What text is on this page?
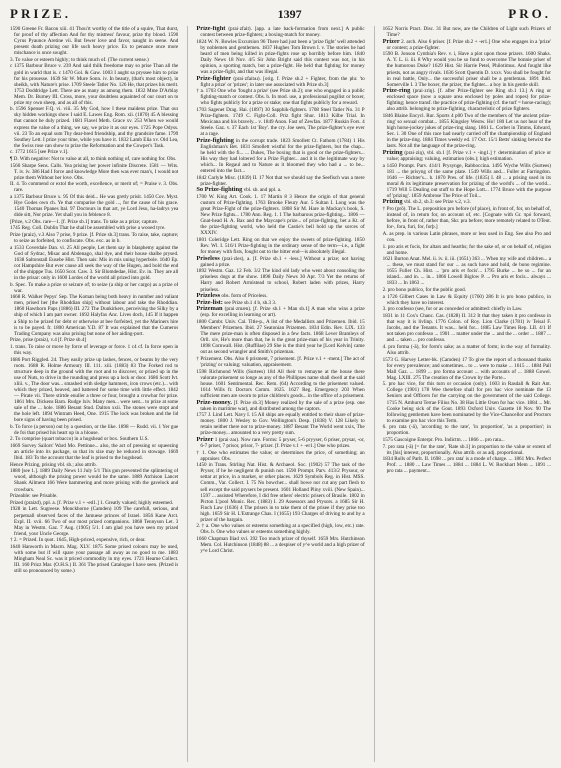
PRIZE.	1397	PRO.

1590 Greene Fr. Bacon xiii. 41 Thou'rt worthy of the title of a squire, That durst, for proof of thy affection And for thy mistress' favour, prize thy blood. 1590 Cyrus Pyaunce Aretine vii. But fewer love and favor, naught in seene. And present doath prizing our life such heavy price. Ex to penance once more mischance is once sought.

3. To value or esteem highly; to think much of. (The current sense.)

c 1375 Barbour Bruce v. 239 And said thilk freedome may so prise Than all the gold in warld that is. c 1470 Gol. & Gaw. 1003 I aught sa pryssee him to prize for his prouesse. 1639 Sir W. Mure Sonn. iv. In beauty, (that's most object), in sheikh, with Nature's prise. 1709 Steele Tatler No. 126 He, that prizes his merit. 1753 Doddridge Lett. There are as many as among them. 1832 Mme D'Arblay Mem. Dr. Burney III. Cross, more, your doubtless aquainted of our court on to prize my own sheep, and as all of this.

b. 1596 Spenser F.Q. vi. viii. 35 My God, how I these maidens prize. That our sky hidden workings show I said E. Lawes Eng. Rom. xii. (1870) 45 A blessing that cannot be duly prized. 1681 Flavel Meth. Grace xv. 253 When we would express the value of a thing, we say, we prize it as our eyes. 1725 Pope Odyss. vii. 23 To an equal sum Thy dear-bred friendship, and thy grandsire fame. 1799 Southey Lett. I prize your time, while you have it. 1832 Lamb Elia xv. Old Lea, the Swiss rose can show to prize the Reformation and the Cowper's Task.

c. 1772 1615 [see Prize v.1].

¶ D. With negative: Not to value at all, to think nothing of, care nothing for. Obs.

1560 Sharpe Sens. Calls. Yea prising her power infinite Discrete. 1581 — Wits. T. iv. iv. 386 Had I force and knowledge More then was ever man's, I would not prize them Without her love. Obs.

II. 4. To commend or extol the worth, excellence, or merit of; = Praise v. 3. Obs. rare.

a 1375 Barbour Bruce x. 95 Of this deid... He was gretly prisit. 1450 Cov. Myst. Hye Godes own ch. Ye that comparise the gold ..., for the cause of his grace. 1540 Thomas Ppanes Ital. 97 Doctours in that art, ye Lord Jesu, ha-ladrys yea dide sitt, Nor prize. Yet shall you in feblence 8.

[Prize, v.2 Obs. rare—1. [f. Prize sb.1] trans. To take as a prize; capture.

1745 Reg. Coll. Dublin That he shall be assembled with prise a wooed tyre.

Prize (praiz), v.3 Also 7 prise, 9 prize. [f. Prize sb.3] trans. To raise, take, capture; to seize as forfeited, to confiscate. Obs. exc. as in b.

a 1533 Coverdale Dan. vi. 25 All people, Let them say in blasphemy against the God of Sydrac, Misac and Abdenago, shal dye, and their house shalbe prysed. 1638 Saltonstall Eusebe Hist. Then sais: Mis in mis uning hyperbole. 1640 Ep. cot Hampshire But ever cause all seek the way of the Hugen, and bold the end of the shipppe Tus. 1650 Scot. Caw. 3. Sir Blomdedae, Hist. Ev. in. They are all in the prisar: only in 1600 Lordes of the world all prized into gold.

b. Spec. To make a prize or seizure of; to seize (a ship or her cargo) as a prize of war.

1668 R. Walker Pepys' Sep. The Koman being both heavy in number and valiant men, prised her [the Rhoddian ship] without labour and take the Rhoddian. 1860 Hawthorn Paps (1886) III. 272 The Dunkirkers, perceiving the Silky by a ship of which I am part owner. 1692 Halyfax Anc. Lives doch, 145 If it happen a Ship to be prized for debt or otherwise at bee forfeited, yet the Mariners hire is to be payed. fr. 1800 American Y.D. 87 It was explained that the Cumeros Trading Company was also prising but none of her aiding-port.

Prize, prise (praiz), v.4 [f. Prize sb.4]

1. trans. To raise or move by force of leverage or force. 1 c4 cf. In force open in this way.

1686 Port Riggled. 24. They easily prize up lashes, fences, or beams by the very roots. 1688 R. Holme Armoury III. 111. xiii. (1883) 83 The Forked rod to structure deep in the ground with the root and to discover, or prized up in the use of Nuts, to drive in the rounding and press up a lock or door. 1686 Scott Ivt. xliii. v., The door was... smashed with sledge hammers, iron crows (etc.)... with which they prized, heaved, and battered for some time with little effect. 1842 — Pirate vii. There stirtde enuller a three or four, brought a crowbar for prize. 1861 Mrs. Dickens Barn. Rudge lxiv. Many men... were sent... to prize at some sale of the ... hole. 1886 Besant Stud. Dalton xxii. The stones were stopt and the hole left. 1894 Wintram Heed, One. 1915 The lock was broken and the lid bore signs of having been prised.

b. To force (a person) out by a question, or the like. 1898 — Rudd. vii. 1 Yer gue de foi that prised his heart up in a hlouse.

2. To comprise (quart tobacco) in a hogshead or box. Southern U.S.

1669 Survey Sailors' Ward Mo. Pettinne... also, the act of pressing or squeezing an article into its package, so that its size may be reduced in stowage. 1669 Ibid. 183 To the account that the leaf is prised to the hogshead.

Hence Prizing, prising vbl. sb.; also attrib.

1880 [see 1.]. 1889 Daily News 11 July 5/1 This gun prevented the splintering of wood, although the prising power would be the same. 1889 Atchison Lancet Shank Ailment 166 Were hammering and more prising with the gavelock and crowbars.

Prizeable: see Prisable.

Prized (praizd), ppl. a. [f. Prize v.1 + -ed1.] 1. Greatly valued; highly esteemed.

1928 in Lett. Sugreese. Monckhorne (Camden) 109 The carefull, serious, and perpetuall observed faces of the Jamuese princes of Israel. 1856 Kane Arct. Expl. II. xvii. 66 Two of our most prized companions. 1868 Tennyson Let. 3 May in Westm. Gaz. 7 Aug. (1905) 5/1. I am glad you have seen my prized friend, your Uncle George.

† 2. = Prized. In quot. 1645, High-priced, expensive, rich, or dear.

1640 Hanworth in Macm. Mag. XLV. 1875 Some prised colours may be used, with some but if will spare your passage all away as no good to me. 1883 Mingham Neal Sc. was it priced commodity in my eyes. 1721 Hearne Collect. III. 160 Prizz Mar. (O.H.S.) II. 361 The prised Catalogue I have seen. (Prized is still so pronounced by some.)

Prize-fight (prai·zfait). [app. a late back-formation from next.] A public contest between prize-fighters; a boxing-match for money.

1824 W. N. Bowles Excursion 96 There had just been a 'prize fight' well attended by noblemen and gentlemen. 1837 Hughes Tom Brown I. v. The stories he had heard of men being killed in prize-fights rose up horribly before him. 1840 Daily News 18 Nov. 4/5 Sir John Bright said this contest was not, in his opinion, a sporting match, but a prize-fight. He held that fighting for money was a prize-fight, and that was illegal.

Prize-fighter (prai·zfaitəɹ). [orig. f. Prize sb.2 + Fighter, from the phr. 'to fight a prize' or 'prizes'; in later use associated with Prize sb.3]

† a. 1703 One who 'fought a prize' (see Prize sb.2); one who engaged in a public fighting-match or contest. Obs. b. In mod. use, a professional pugilist or boxer, who fights publicly for a prize or stake; one that fights publicly for a reward.

1703 Sagenet Drag. Hai. (1897) 30 Sapphik-fighters. 1708 Steel Tatler No. 31 P Prize-fighters. 1749 C. Fight-Coll. Priz fight Shur. 1813 Kilbe Trial. In Mexicana and his bravely... v. 1849 Anon. Fast of Zewfan. 1877 Ruskin Fors. 4 Steele. Gaz. v. 37 Each 1st 'Boy'. the cry. Joe seen, The prize-fighter's eye ever at a rage.

Prize-fighting in the corrupt trade. 1823 Smollett Ct. Fathom (1784) 1 His Englishman's Bet. 1831 Smollett wistful for the prize-fighters, but the chap... he held with the fi... ... Dukes, The boxing that is good or the prize-fighters... His way they had loitered for a Prize Fighter... and it is the legitimate way by which... In Regaul and to Nature as it bloomed they who had a ... to be... entered into the fact...

1842 Carlyle Misc. (1839) II. 17 Not that we should say the Seefisch was a mere prize-fighter.

So Prize-fighting vbl. sb. and ppl. a.

1700 W. King Art. Cook. 1. 17 Martin 8 3 Hence the origin of that general custom of Prize-fighting. 1763 Brooke Fleury Aur. 5 Sultan I. Long was the great Prize-Fight of the prize-fighters. 1808 Sir M. Hare in Mackay's book, S. New Prize fights... 1780 Ann. Reg. 1. 1 The barbarous prize-fighting... 1806 — Gnat-head H. A. Bax and the Maycape's prize... of prize-fighting, bet a Kt. of the prize-fighting world, who held the Castie's bell hold up the sorces of XXXIV.

1801 Coleridge Lett. Ring on that we enjoy the sweets of prize-fighting. 1850 Rev. Wl. I. 516/1 Prize-fighting in the ordinary sense of the term—i.e., a fight for money with fists, fought out to the bitter end—is absolutely illegal.

Priseless (prai·zles), a. [f. Prize sb.1 + -less.] Without a prize; not having gained a prize.

1892 Westm. Gaz. 12 Feb. 3/2 The kind old lady who went about consoling the priseless dogs at the show. 1898 Daily News 30 Apr. 7/3 Yet the returns of Harry and Robert Armistead to school, Robert laden with prizes, Harry priseless.

Prizeless obs. form of Priceless.

Prize-list: see Prize sb.1 4 b, sb.3 3.

Prizeman (prai·zmæn). [f. Prize sb.1 + Man sb.1] A man who wins a prize (esp. for excelling in learning or art).

1800 Cambr. Univ. Cal. Title-p., A list of the Medallists and Prizemen. Ibid. 15 Members' Prizemen. Ibid. 27 Seatonian Prizemen. 1834 Edin. Rev. LIX. 133 The mere prize-man is often disposed in a few facts. 1868 Lever Bramleys of Orll. xiv, He's more than that, he is the great prize-man of his year in Trinity. 1898 Cornwall. Hist. (Ruffilae) 29 She is the third year he [Lord Kelvin] came out as second wrangler and Smith's prizeman.

† Prizement. Obs. Also 6 prisment, 7 prisement. [f. Prize v.1 + -ment.] The act of 'prizing' or valuing; valuation, appraisement.

1598 Richmond Wills (Surtees) 184 All their to remayne at the house there valorate prisement so longe as any of the Phillipses name shall dwell at the said house. 1601 Sentimental. Rec. Rem. (64) According to the prisement valued. 1614 Wills fr. Doctors Comm. 1625. 1627 Reg. Emergency 203 When sufficient men are sworn to prize children's goods... in the office of a prisement.

Prize-money. [f. Prize sb.3] Money realized by the sale of a prize (esp. one taken in maritime war), and distributed among the captors.

1757 J. Lind Lett. Navy I. 15 All ships are equally entitled to their share of prize-money. 1800 J. Wesley to Gov. Wellington's Desp. (1838) V. 128 Likely to retain neither there nor to prize-money. 1887 Besant The World went xxix, The prize-money... amounted to a very pretty sum.

Prizer 1 (prai·zəɹ). Now rare. Forms: 5 pryser, 5-6 pryyser, 6 priser, prysar, -or, 6-7 priser, 7 prisor, prisor, 7- prizer. [f. Prize v.1 + -er1.] One who prizes.

† 1. One who estimates the value; or determines the price, of something; an appraiser. Obs.

1450 in Trans. Stirling Nat. Hist. & Archaeol. Soc. (1902) 57 The task of the Pryser, if he be negligent & punish not. 1590 Prompt. Parv. 413/2 Prysour, or settar at price, in a market, or other places. 1629 Symbols Reg. in Hist. MSS. Comm., Var. Collect. I. 75 No bowcher... shall bowe nor cut any part flesh to sell except the said prysers be present. 1601 Holland Pliny xviii. (New Spain)... 1597 ... assisted Wherefore, I did free others' electric prisers of Brasile. 1802 in Picton L'pool Munic. Rec. (1883) I. 29 Assessors and Prysors. a 1685 Sir H. Finch Law (1636) 4 The prisers in to take them of the prisee if they prise too high. 1659 Sir H. L'Estrange Chas. I (1655) 193 Charges of driving to and by a prizer of the bargain.

2. † a. One who values or esteems something at a specified (high, low, etc.) rate. Obs. b. One who values or esteems something highly.

1660 Chapman Iliad xvi. 392 Too much prizer of thyself. 1659 Mrs. Hutchinson Mem. Col. Hutchinson (1848) 88 ... a despiser of y^e world and a high prizer of y^e Lord Christ.

1652 Norris Pract. Disc. 31 But now, are the Children of Light such Prizers of Time?

Prizer 2. arch. Also 6 priser. [f. Prize sb.2 + -er1.] One who engages in a 'prize' or contest; a prize-fighter.

1590 B. Jonson Cynthia's Rev. v. i, Have a plot upon those prizers. 1600 Shaks. A. Y. L. ii. iii. 8 Why would you be so fond to overcome The bonnie priser of the humorous Duke? 1629 Hist. Sir Harrie Petel, Philotimus. And fought like priests, not as angry rivals. 1636 Scott Quentin D. xxxv. You shall be fought for in real battle, Only... the successful priser shall be a gentleman. 1891 Ibid. Somerville I. 3 The boxer, the prizer, the fighter... a boy in his gentle skill.

Prize-ring (prai·zriŋ). [f. after Prize-fighter see Ring sb.1 13.] A ring or enclosed space (now a square area enclosed by poles and ropes) for prize-fighting; hence transf. the practice of prize-fighting (cf. the turf = horse-racing); also attrib. belonging to prize-fighting, characteristic of prize fighters.

1846 Blaine Encycl. Rur. Sports 4 p00 Two of the members of 'the ancient prize-ring' so sexual combat... 1855 Kingsley Westw. Ho! 180 Let us not hear of the high horse-jockey jokes of prize-ring slang. 1861 L. Corbet in Timms, Edward, Sec. i. 30 One of this race had nearly carried off the championship of England in the prize-ring. 1884 Times weekly ed. 17 Oct. 15/1 Betts' sinking betwixt the lasts. Not all the language of the prize-ring.

Prizing (prai·ziŋ), vbl. sb.1 [f. Prize v.1 + -ing1.] † determination of price or value; appraising; valuing, estimation (obs.); high estimation.

a 1450 Prompt. Parv. 414/1 Prysynge, Rabboccina. 1495 Wyche Wills (Surtees) 181 ... the prisyng of the same plate. 1549 Wills and... Fuller at Farringdon. 1646 — Richter's... b. 1870 Pres. of life. (1835) I. 48 ... a prising used in its moral & its legitimate preservation for prizing of the world's ... of the world... 1719 Will 5 Dealing out stuff to the Hope Lott... 1774 Bruce with the purpose of 'prizing'. 1859 Ambrose The Price of Toil...

Prizing vbl. sb.2, sb.3: see Prize v.2, v.3.

† Pro (prō). The L. preposition pro before (of place), in front of, for, on behalf of, instead of, in return for, on account of, etc. [Cognate with Gr. πρό forward, before, in front of, rather than, Skr. pra before; more remotely related to OTeut. for-, fora, furi, for, forþ.]

A. as prep. in various Latin phrases, more or less used in Eng. See also Pro and con.

1. pro aris et focis, for altars and hearths; for the sake of, or on behalf of, religion and home.

1621 Burton Anat. Mel. ii. iv. ii. iii. (1651) 363 ... When my wife and children... a ... these, we must stand for our ... as such have and hold, de bono regimine. 1655 Fuller Ch. Hist. ... 'pro aris et focis'... 1795 Burke ... be so ... for an island... and in. ... in... 1866 Lowell Biglow P. ... Pro aris et focis... always ... 1833 ... In 1863 ...

2. pro bono publico, for the public good.

a 1726 Gilbert Cases in Law & Equity (1760) 286 It is pro bono publico, in which they have no interest.

3. pro confesso (see, for or as conceded or admitted: chiefly in Law.

1831 in 11 Cox's Chanc. Cas. (1828) II. 312 It that they taken it pro confesso in that way it is livlinp. 1776 Colon. of Roy. Lion Clarke (1781) iv Teisal F. Jacobs, and the Tenants. It was... held for... 1885 Law Times Rep. LII. 4/1 If not taken pro confesso ... 1901 ... matter under the ... and the ... order ... 1887 ... and ... taken ... pro confesso.

4. pro forma (-ā), for form's sake; as a matter of form; in the way of formality. Also attrib.

1573 G. Harvey Letter-bk. (Camden) 17 To give the report of a thousand thanks for every prevalence; and sometimes... to ... were to make ... 1615 ... 1884 Pall Mall Gaz. ... 1899 ... pro forma account ... with accounts of ... 1888 Gowel. Mag. LXIII. 275 The creation of the Crown by the Porte...

5. pro hac vice, for this turn or occasion (only). 1603 in Rasdall & Rait Ant. College (1901) 178 Wee therefore shall for pro hac vice nominate the 13 Seniors and Officers for the carrying on the government of the said College. 1715 N. Amhurst Terrae Filius No. 38 Has Little Oxen for hac vice. 1884 ... Mr. Cooke being sick of the Gout. 1893 Oxford Univ. Gazette 18 Nov. 90 The following gentlemen have been nominated by the Vice-Chancellor and Proctors to examine pro hac vice this Term.

6. pro rata (-ā), 'according to the rate', 'in proportion', 'as a proportion'; in proportion.

1575 Gascoigne Enterpr. Pro. Indictm. ... 1866 ... pro rata...

7. pro rata (-ā) [= for the rate', 'Rate sb.1] in proportion to the value or extent of its [his] interest, proportionally. Also attrib. or as adj. proportional.

1834 Rolls of Parlt. II. 1698 ... pro rata' is a mode of charge. ... 1861 Mrs. Perfect Prof. ... 1880 ... Law Times ... 1884 ... 1884 L. W. Rockhart Mem ... 1891 ... pro rata ... payment...
